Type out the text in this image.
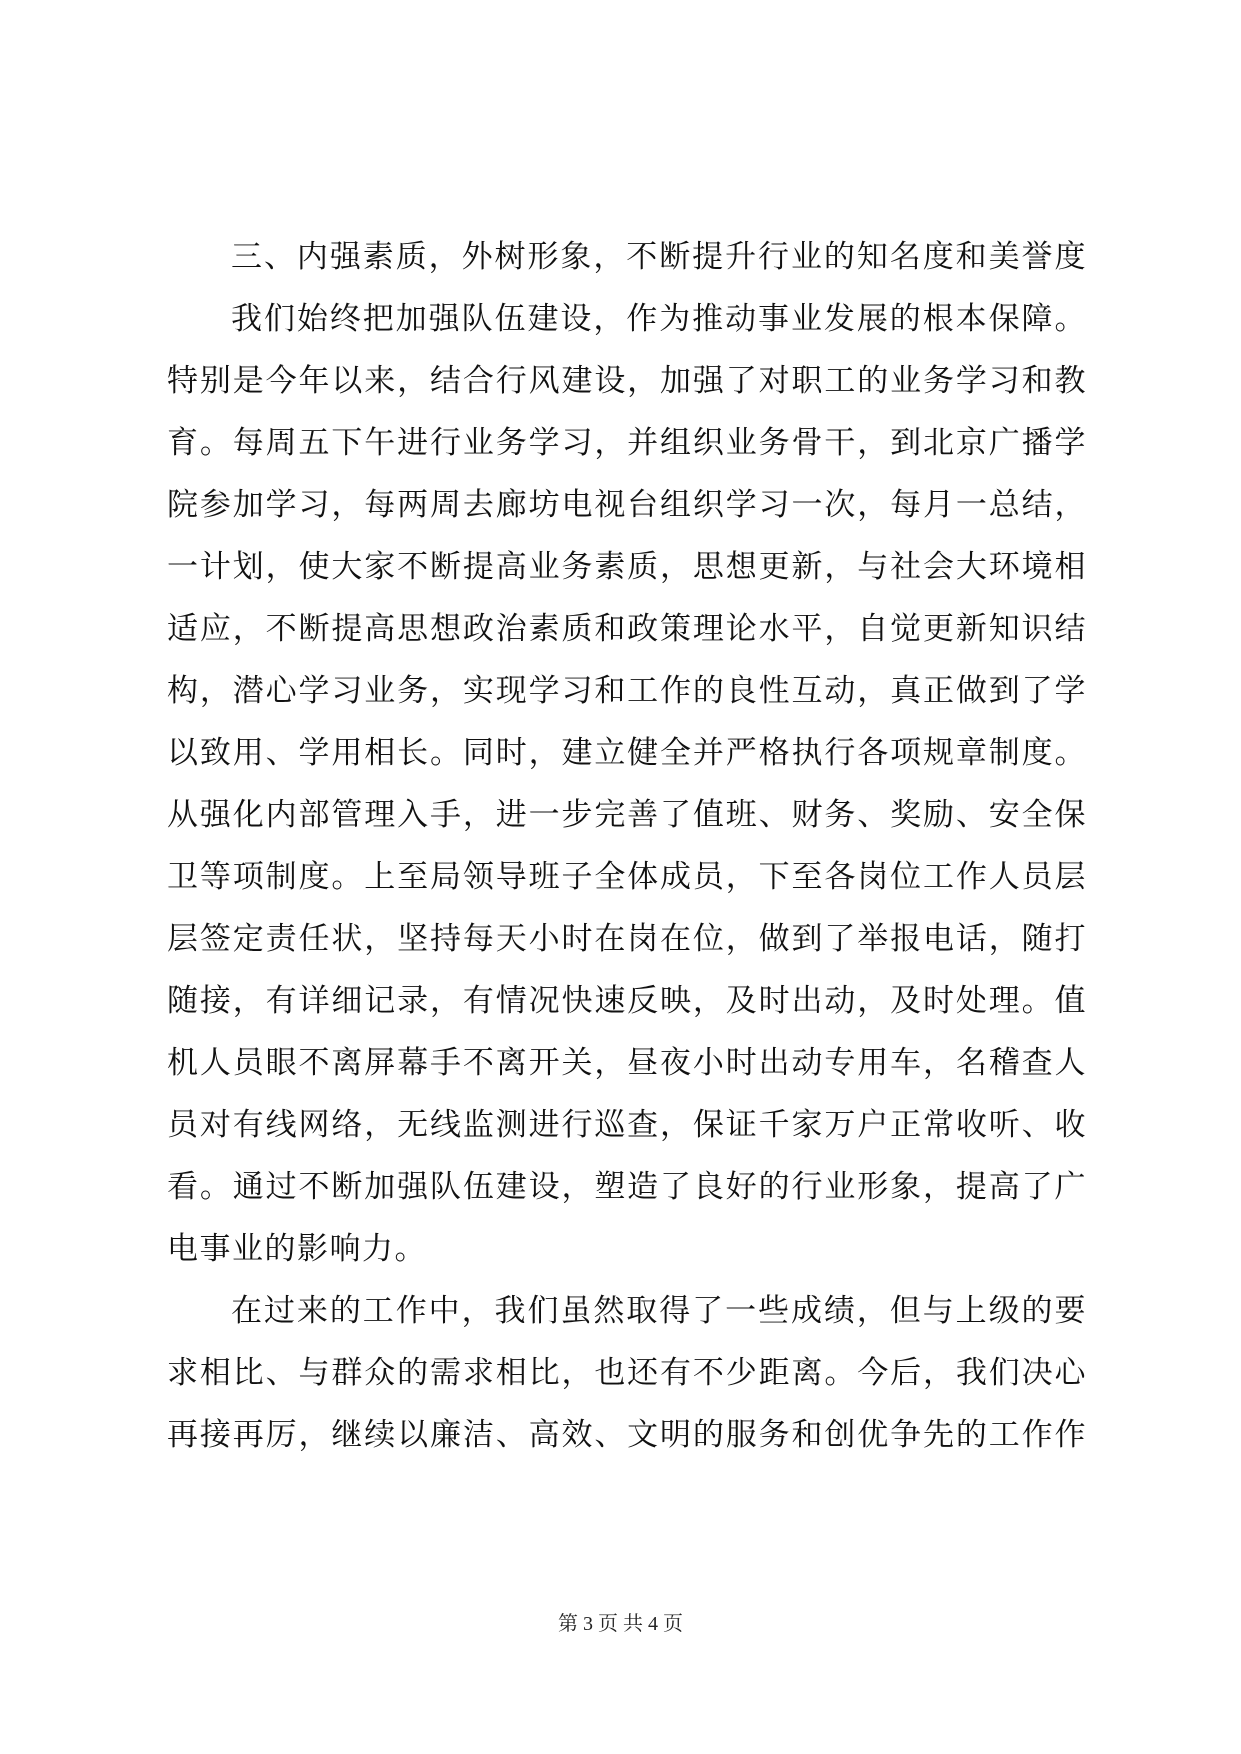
三、内强素质，外树形象，不断提升行业的知名度和美誉度
我们始终把加强队伍建设，作为推动事业发展的根本保障。
特别是今年以来，结合行风建设，加强了对职工的业务学习和教
育。每周五下午进行业务学习，并组织业务骨干，到北京广播学
院参加学习，每两周去廊坊电视台组织学习一次，每月一总结，
一计划，使大家不断提高业务素质，思想更新，与社会大环境相
适应，不断提高思想政治素质和政策理论水平，自觉更新知识结
构，潜心学习业务，实现学习和工作的良性互动，真正做到了学
以致用、学用相长。同时，建立健全并严格执行各项规章制度。
从强化内部管理入手，进一步完善了值班、财务、奖励、安全保
卫等项制度。上至局领导班子全体成员，下至各岗位工作人员层
层签定责任状，坚持每天小时在岗在位，做到了举报电话，随打
随接，有详细记录，有情况快速反映，及时出动，及时处理。值
机人员眼不离屏幕手不离开关，昼夜小时出动专用车，名稽查人
员对有线网络，无线监测进行巡查，保证千家万户正常收听、收
看。通过不断加强队伍建设，塑造了良好的行业形象，提高了广
电事业的影响力。
在过来的工作中，我们虽然取得了一些成绩，但与上级的要
求相比、与群众的需求相比，也还有不少距离。今后，我们决心
再接再厉，继续以廉洁、高效、文明的服务和创优争先的工作作
第 3 页 共 4 页
